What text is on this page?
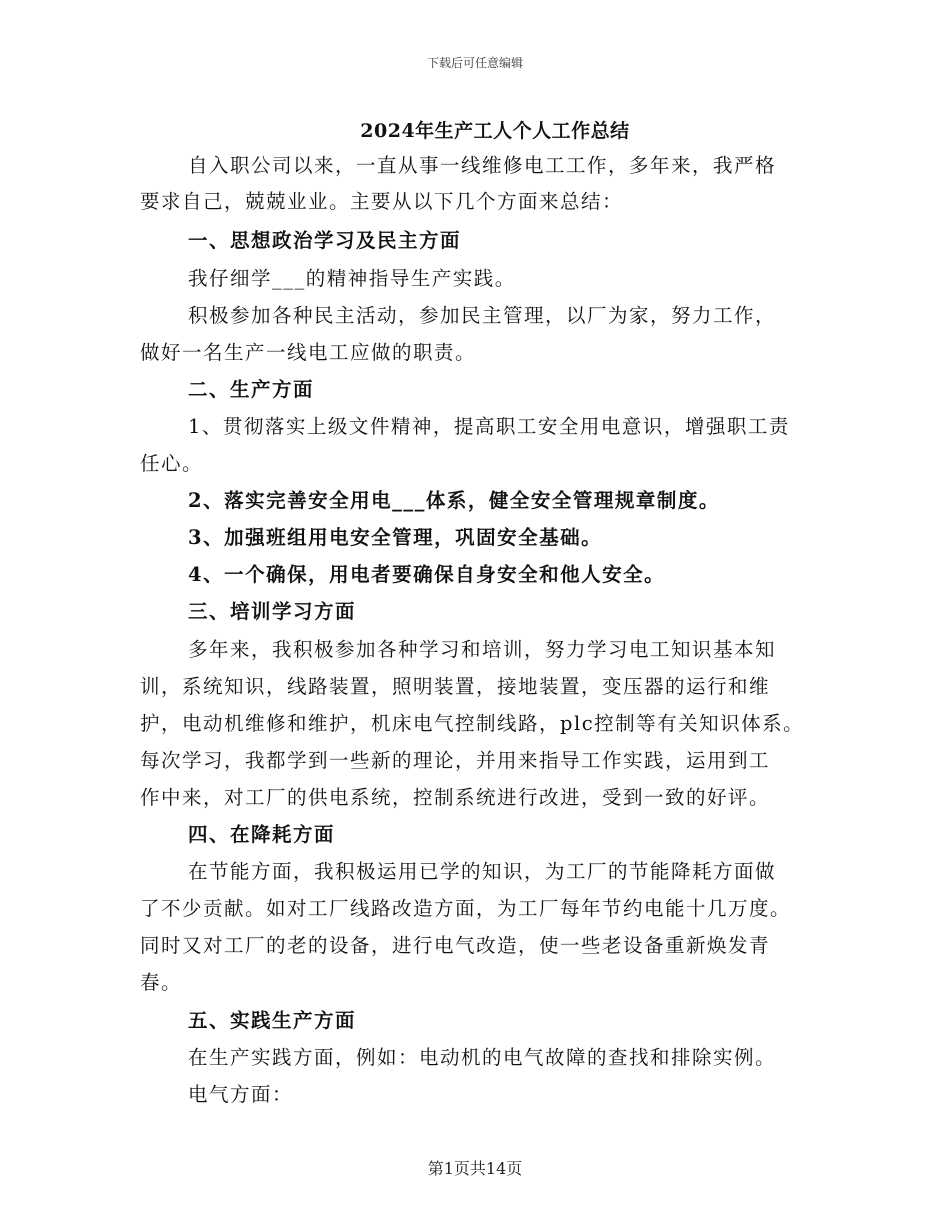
下载后可任意编辑
2024年生产工人个人工作总结
自入职公司以来，一直从事一线维修电工工作，多年来，我严格
要求自己，兢兢业业。主要从以下几个方面来总结：
一、思想政治学习及民主方面
我仔细学___的精神指导生产实践。
积极参加各种民主活动，参加民主管理，以厂为家，努力工作，
做好一名生产一线电工应做的职责。
二、生产方面
1、贯彻落实上级文件精神，提高职工安全用电意识，增强职工责
任心。
2、落实完善安全用电___体系，健全安全管理规章制度。
3、加强班组用电安全管理，巩固安全基础。
4、一个确保，用电者要确保自身安全和他人安全。
三、培训学习方面
多年来，我积极参加各种学习和培训，努力学习电工知识基本知
训，系统知识，线路装置，照明装置，接地装置，变压器的运行和维
护，电动机维修和维护，机床电气控制线路，plc控制等有关知识体系。
每次学习，我都学到一些新的理论，并用来指导工作实践，运用到工
作中来，对工厂的供电系统，控制系统进行改进，受到一致的好评。
四、在降耗方面
在节能方面，我积极运用已学的知识，为工厂的节能降耗方面做
了不少贡献。如对工厂线路改造方面，为工厂每年节约电能十几万度。
同时又对工厂的老的设备，进行电气改造，使一些老设备重新焕发青
春。
五、实践生产方面
在生产实践方面，例如：电动机的电气故障的查找和排除实例。
电气方面：
第1页共14页
